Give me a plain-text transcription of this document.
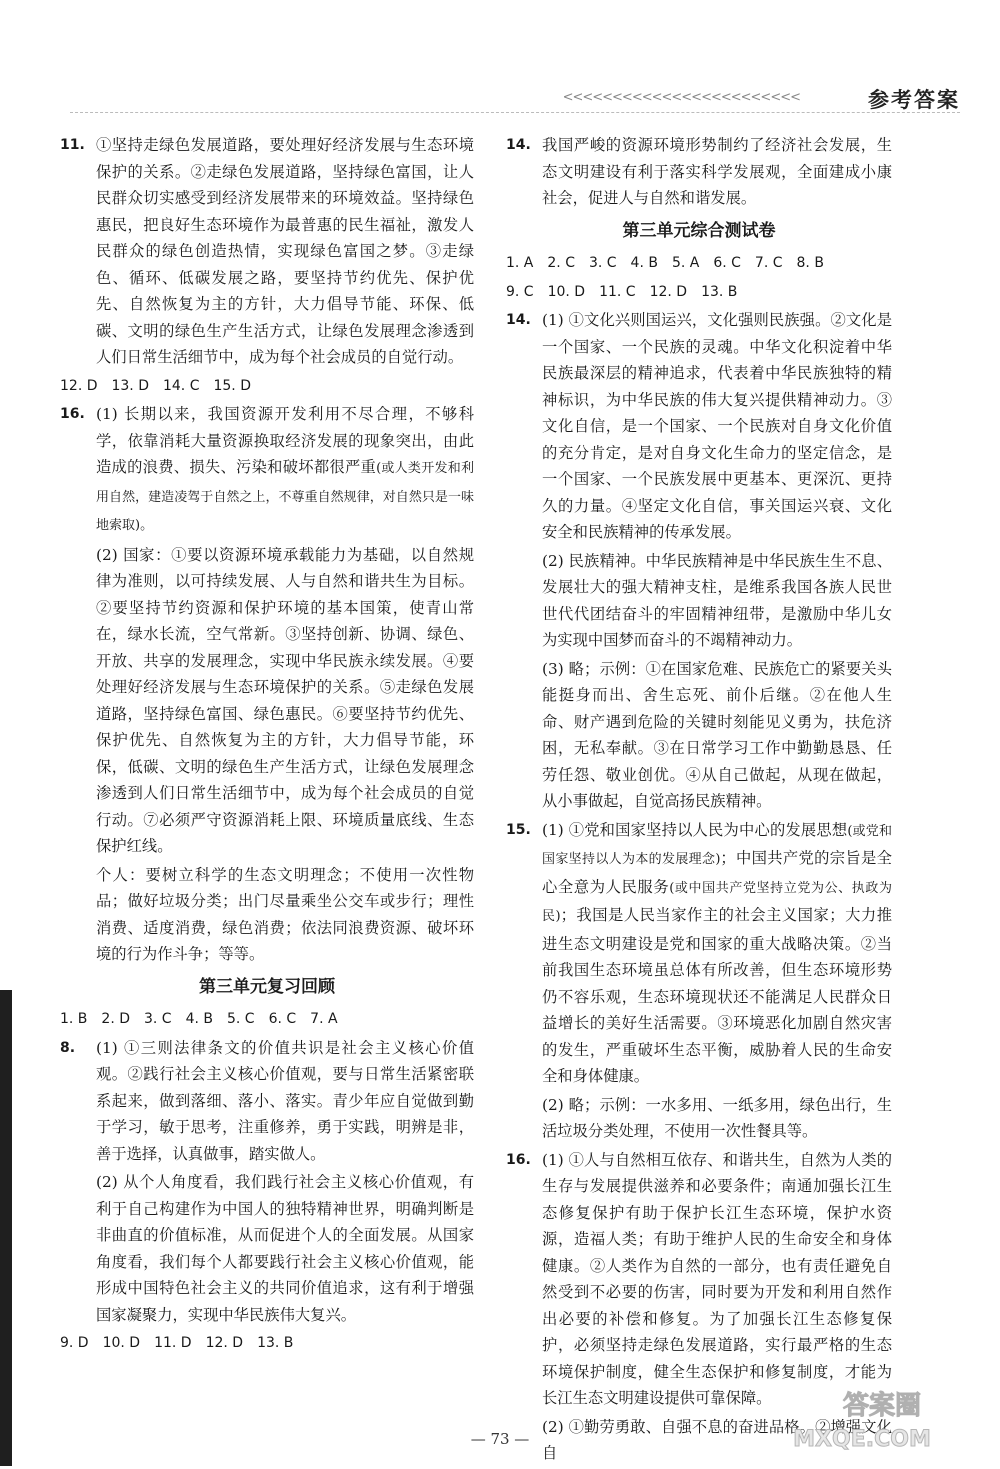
<<<<<<<<<<<<<<<<<<<<<<<<	参考答案
11. ①坚持走绿色发展道路，要处理好经济发展与生态环境保护的关系。②走绿色发展道路，坚持绿色富国，让人民群众切实感受到经济发展带来的环境效益。坚持绿色惠民，把良好生态环境作为最普惠的民生福祉，激发人民群众的绿色创造热情，实现绿色富国之梦。③走绿色、循环、低碳发展之路，要坚持节约优先、保护优先、自然恢复为主的方针，大力倡导节能、环保、低碳、文明的绿色生产生活方式，让绿色发展理念渗透到人们日常生活细节中，成为每个社会成员的自觉行动。
12. D　13. D　14. C　15. D
16. (1) 长期以来，我国资源开发利用不尽合理，不够科学，依靠消耗大量资源换取经济发展的现象突出，由此造成的浪费、损失、污染和破坏都很严重(或人类开发和利用自然，建造凌驾于自然之上，不尊重自然规律，对自然只是一味地索取)。
(2) 国家：①要以资源环境承载能力为基础，以自然规律为准则，以可持续发展、人与自然和谐共生为目标。②要坚持节约资源和保护环境的基本国策，使青山常在，绿水长流，空气常新。③坚持创新、协调、绿色、开放、共享的发展理念，实现中华民族永续发展。④要处理好经济发展与生态环境保护的关系。⑤走绿色发展道路，坚持绿色富国、绿色惠民。⑥要坚持节约优先、保护优先、自然恢复为主的方针，大力倡导节能，环保，低碳、文明的绿色生产生活方式，让绿色发展理念渗透到人们日常生活细节中，成为每个社会成员的自觉行动。⑦必须严守资源消耗上限、环境质量底线、生态保护红线。
个人：要树立科学的生态文明理念；不使用一次性物品；做好垃圾分类；出门尽量乘坐公交车或步行；理性消费、适度消费，绿色消费；依法同浪费资源、破坏环境的行为作斗争；等等。
第三单元复习回顾
1. B　2. D　3. C　4. B　5. C　6. C　7. A
8. (1) ①三则法律条文的价值共识是社会主义核心价值观。②践行社会主义核心价值观，要与日常生活紧密联系起来，做到落细、落小、落实。青少年应自觉做到勤于学习，敏于思考，注重修养，勇于实践，明辨是非，善于选择，认真做事，踏实做人。
(2) 从个人角度看，我们践行社会主义核心价值观，有利于自己构建作为中国人的独特精神世界，明确判断是非曲直的价值标准，从而促进个人的全面发展。从国家角度看，我们每个人都要践行社会主义核心价值观，能形成中国特色社会主义的共同价值追求，这有利于增强国家凝聚力，实现中华民族伟大复兴。
9. D　10. D　11. D　12. D　13. B
14. 我国严峻的资源环境形势制约了经济社会发展，生态文明建设有利于落实科学发展观，全面建成小康社会，促进人与自然和谐发展。
第三单元综合测试卷
1. A　2. C　3. C　4. B　5. A　6. C　7. C　8. B
9. C　10. D　11. C　12. D　13. B
14. (1) ①文化兴则国运兴，文化强则民族强。②文化是一个国家、一个民族的灵魂。中华文化积淀着中华民族最深层的精神追求，代表着中华民族独特的精神标识，为中华民族的伟大复兴提供精神动力。③文化自信，是一个国家、一个民族对自身文化价值的充分肯定，是对自身文化生命力的坚定信念，是一个国家、一个民族发展中更基本、更深沉、更持久的力量。④坚定文化自信，事关国运兴衰、文化安全和民族精神的传承发展。
(2) 民族精神。中华民族精神是中华民族生生不息、发展壮大的强大精神支柱，是维系我国各族人民世世代代团结奋斗的牢固精神纽带，是激励中华儿女为实现中国梦而奋斗的不竭精神动力。
(3) 略；示例：①在国家危难、民族危亡的紧要关头能挺身而出、舍生忘死、前仆后继。②在他人生命、财产遇到危险的关键时刻能见义勇为，扶危济困，无私奉献。③在日常学习工作中勤勤恳恳、任劳任怨、敬业创优。④从自己做起，从现在做起，从小事做起，自觉高扬民族精神。
15. (1) ①党和国家坚持以人民为中心的发展思想(或党和国家坚持以人为本的发展理念)；中国共产党的宗旨是全心全意为人民服务(或中国共产党坚持立党为公、执政为民)；我国是人民当家作主的社会主义国家；大力推进生态文明建设是党和国家的重大战略决策。②当前我国生态环境虽总体有所改善，但生态环境形势仍不容乐观，生态环境现状还不能满足人民群众日益增长的美好生活需要。③环境恶化加剧自然灾害的发生，严重破坏生态平衡，威胁着人民的生命安全和身体健康。
(2) 略；示例：一水多用、一纸多用，绿色出行，生活垃圾分类处理，不使用一次性餐具等。
16. (1) ①人与自然相互依存、和谐共生，自然为人类的生存与发展提供滋养和必要条件；南通加强长江生态修复保护有助于保护长江生态环境，保护水资源，造福人类；有助于维护人民的生命安全和身体健康。②人类作为自然的一部分，也有责任避免自然受到不必要的伤害，同时要为开发和利用自然作出必要的补偿和修复。为了加强长江生态修复保护，必须坚持走绿色发展道路，实行最严格的生态环境保护制度，健全生态保护和修复制度，才能为长江生态文明建设提供可靠保障。
(2) ①勤劳勇敢、自强不息的奋进品格。②增强文化自
— 73 —
答案圈
MXQE.COM
